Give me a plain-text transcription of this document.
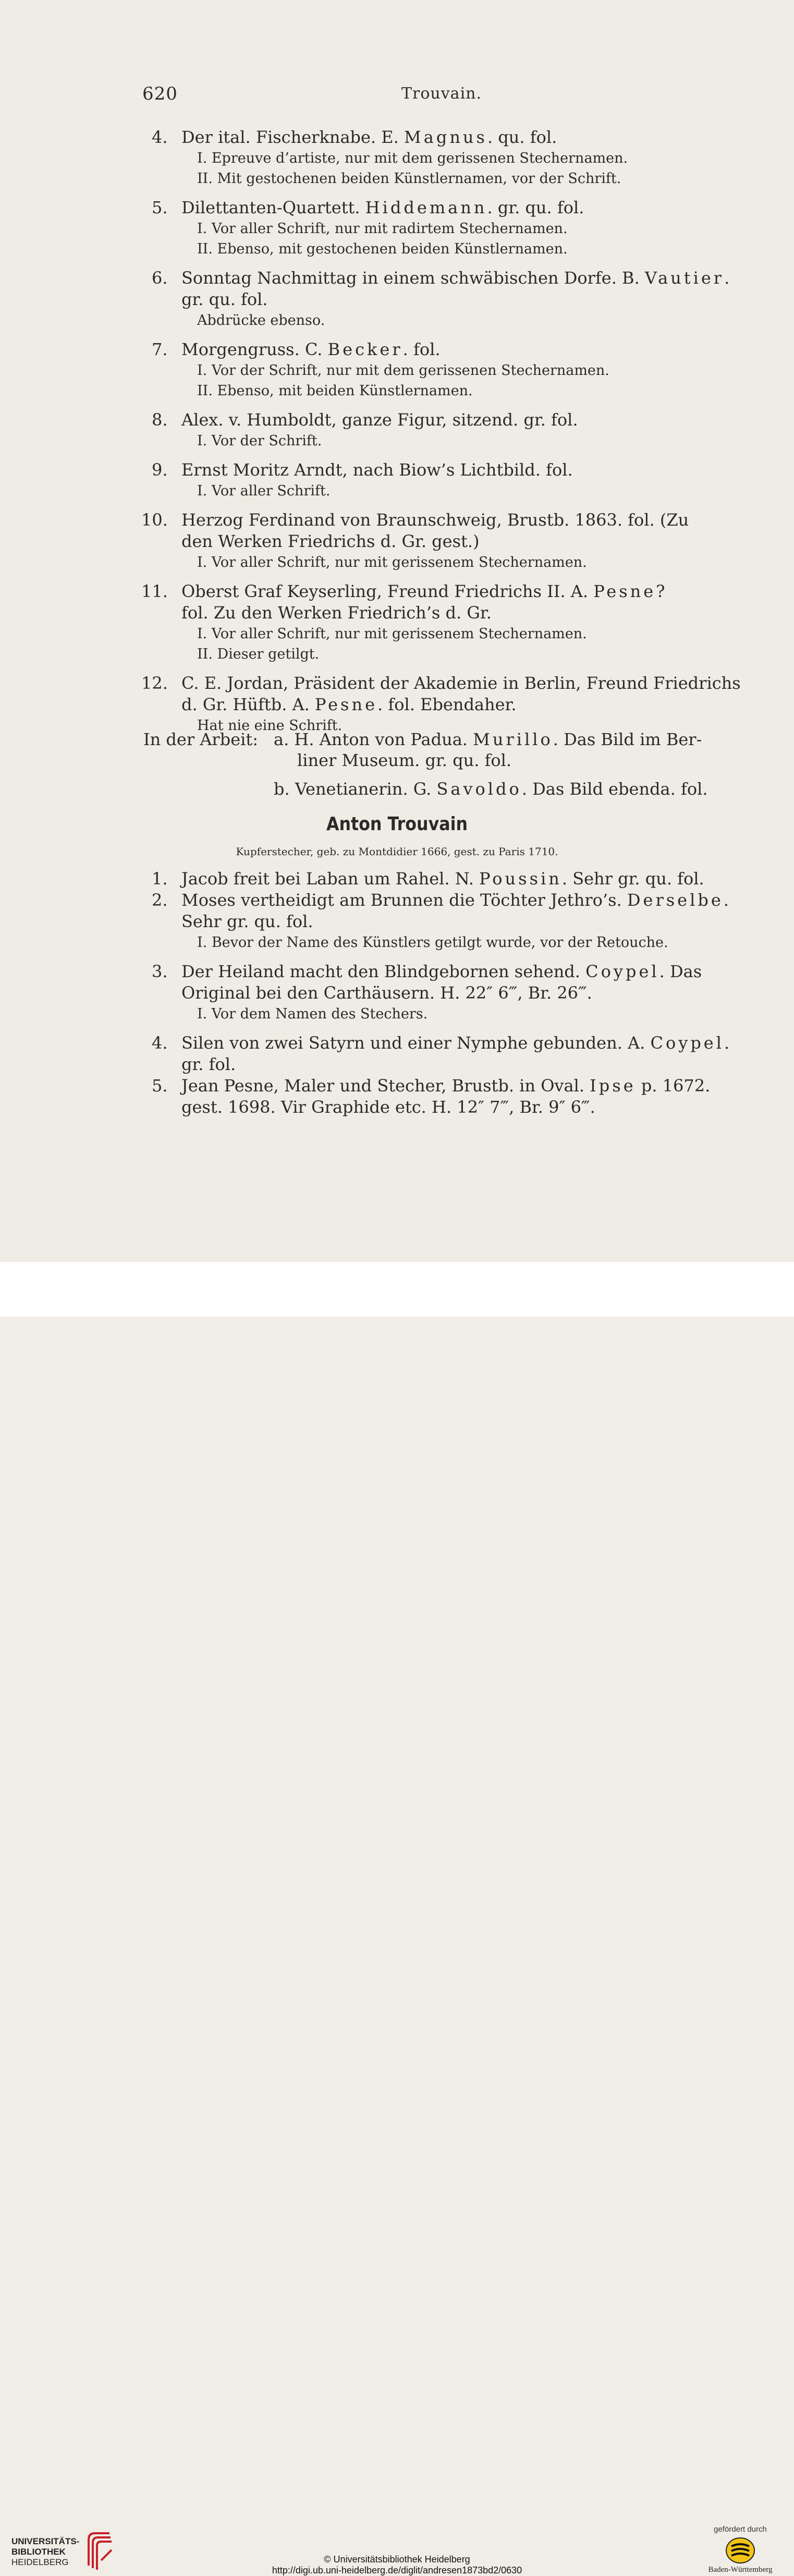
620	Trouvain.
4. Der ital. Fischerknabe. E. Magnus. qu. fol.
I. Epreuve d’artiste, nur mit dem gerissenen Stechernamen.
II. Mit gestochenen beiden Künstlernamen, vor der Schrift.
5. Dilettanten-Quartett. Hiddemann. gr. qu. fol.
I. Vor aller Schrift, nur mit radirtem Stechernamen.
II. Ebenso, mit gestochenen beiden Künstlernamen.
6. Sonntag Nachmittag in einem schwäbischen Dorfe. B. Vautier.
gr. qu. fol.
Abdrücke ebenso.
7. Morgengruss. C. Becker. fol.
I. Vor der Schrift, nur mit dem gerissenen Stechernamen.
II. Ebenso, mit beiden Künstlernamen.
8. Alex. v. Humboldt, ganze Figur, sitzend. gr. fol.
I. Vor der Schrift.
9. Ernst Moritz Arndt, nach Biow’s Lichtbild. fol.
I. Vor aller Schrift.
10. Herzog Ferdinand von Braunschweig, Brustb. 1863. fol. (Zu
den Werken Friedrichs d. Gr. gest.)
I. Vor aller Schrift, nur mit gerissenem Stechernamen.
11. Oberst Graf Keyserling, Freund Friedrichs II. A. Pesne?
fol. Zu den Werken Friedrich’s d. Gr.
I. Vor aller Schrift, nur mit gerissenem Stechernamen.
II. Dieser getilgt.
12. C. E. Jordan, Präsident der Akademie in Berlin, Freund Friedrichs
d. Gr. Hüftb. A. Pesne. fol. Ebendaher.
Hat nie eine Schrift.
1. Jacob freit bei Laban um Rahel. N. Poussin. Sehr gr. qu. fol.
2. Moses vertheidigt am Brunnen die Töchter Jethro’s. Derselbe.
Sehr gr. qu. fol.
I. Bevor der Name des Künstlers getilgt wurde, vor der Retouche.
3. Der Heiland macht den Blindgebornen sehend. Coypel. Das
Original bei den Carthäusern. H. 22″ 6‴, Br. 26‴.
I. Vor dem Namen des Stechers.
4. Silen von zwei Satyrn und einer Nymphe gebunden. A. Coypel.
gr. fol.
5. Jean Pesne, Maler und Stecher, Brustb. in Oval. Ipse p. 1672.
gest. 1698. Vir Graphide etc. H. 12″ 7‴, Br. 9″ 6‴.
In der Arbeit: a. H. Anton von Padua. Murillo. Das Bild im Ber-
liner Museum. gr. qu. fol.
b. Venetianerin. G. Savoldo. Das Bild ebenda. fol.
Anton Trouvain
Kupferstecher, geb. zu Montdidier 1666, gest. zu Paris 1710.
UNIVERSITÄTS-
BIBLIOTHEK
HEIDELBERG	© Universitätsbibliothek Heidelberg
http://digi.ub.uni-heidelberg.de/diglit/andresen1873bd2/0630
gefördert durch
Baden-Württemberg
